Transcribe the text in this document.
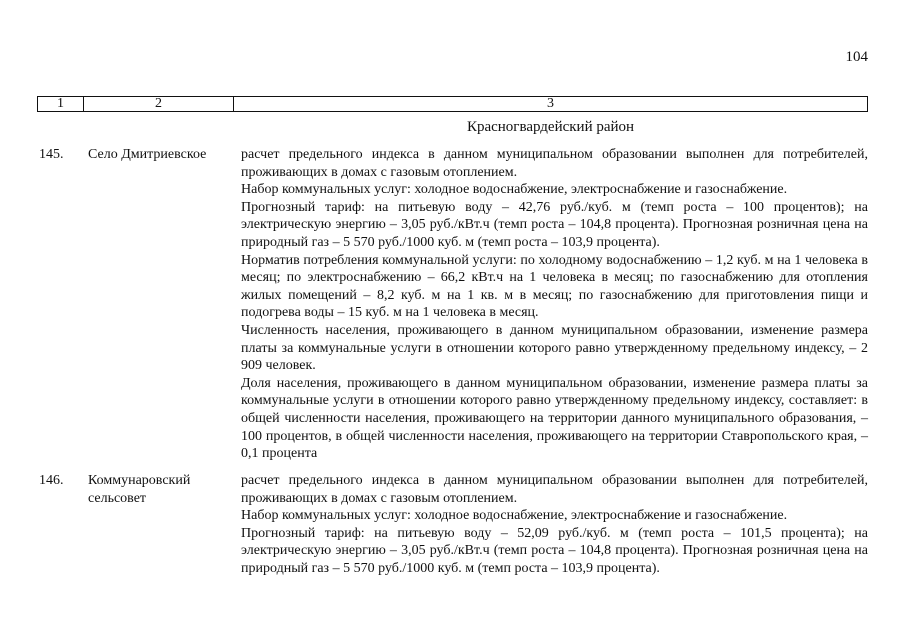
104
1	2	3
Красногвардейский район
145.	Село Дмитриевское	расчет предельного индекса в данном муниципальном образовании выполнен для потребителей, проживающих в домах с газовым отоплением.

Набор коммунальных услуг: холодное водоснабжение, электроснабжение и газоснабжение.

Прогнозный тариф: на питьевую воду – 42,76 руб./куб. м (темп роста – 100 процентов); на электрическую энергию – 3,05 руб./кВт.ч (темп роста – 104,8 процента). Прогнозная розничная цена на природный газ – 5 570 руб./1000 куб. м (темп роста – 103,9 процента).

Норматив потребления коммунальной услуги: по холодному водоснабжению – 1,2 куб. м на 1 человека в месяц; по электроснабжению – 66,2 кВт.ч на 1 человека в месяц; по газоснабжению для отопления жилых помещений – 8,2 куб. м на 1 кв. м в месяц; по газоснабжению для приготовления пищи и подогрева воды – 15 куб. м на 1 человека в месяц.

Численность населения, проживающего в данном муниципальном образовании, изменение размера платы за коммунальные услуги в отношении которого равно утвержденному предельному индексу, – 2 909 человек.

Доля населения, проживающего в данном муниципальном образовании, изменение размера платы за коммунальные услуги в отношении которого равно утвержденному предельному индексу, составляет: в общей численности населения, проживающего на территории данного муниципального образования, – 100 процентов, в общей численности населения, проживающего на территории Ставропольского края, – 0,1 процента

146.	Коммунаровский сельсовет

расчет предельного индекса в данном муниципальном образовании выполнен для потребителей, проживающих в домах с газовым отоплением.

Набор коммунальных услуг: холодное водоснабжение, электроснабжение и газоснабжение.

Прогнозный тариф: на питьевую воду – 52,09 руб./куб. м (темп роста – 101,5 процента); на электрическую энергию – 3,05 руб./кВт.ч (темп роста – 104,8 процента). Прогнозная розничная цена на природный газ – 5 570 руб./1000 куб. м (темп роста – 103,9 процента).
